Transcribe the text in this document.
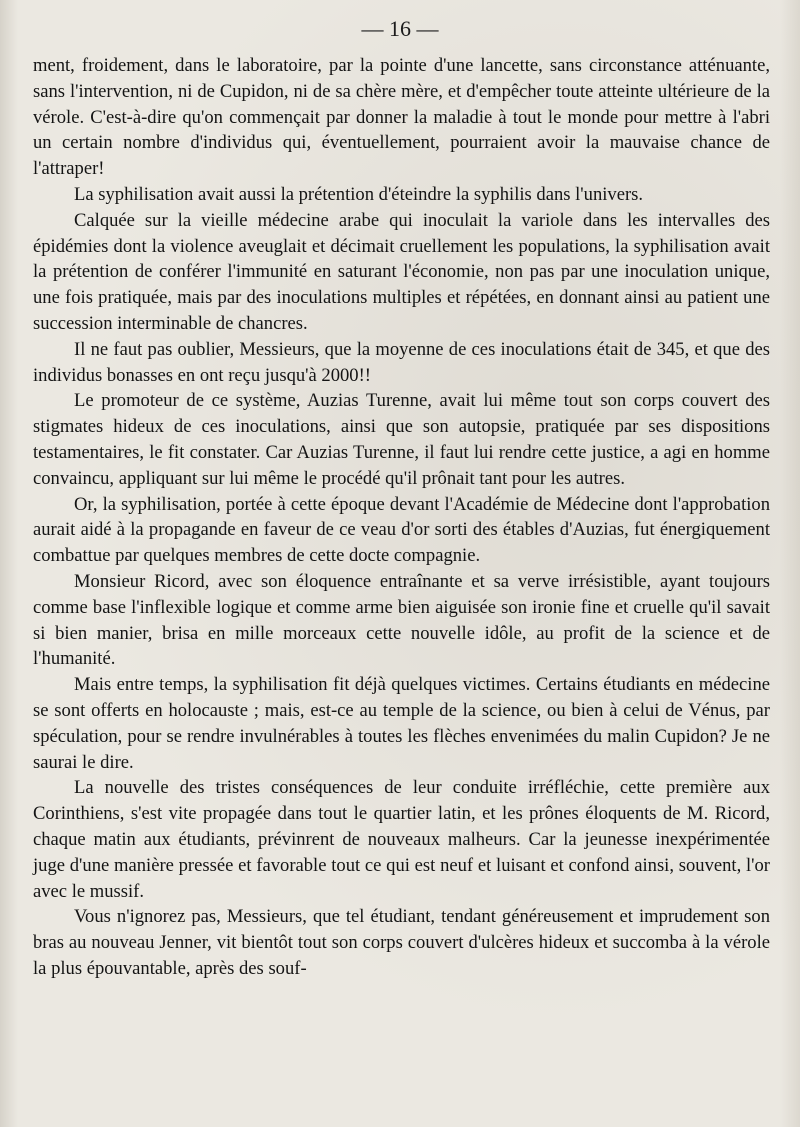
— 16 —

ment, froidement, dans le laboratoire, par la pointe d'une lancette, sans circonstance atténuante, sans l'intervention, ni de Cupidon, ni de sa chère mère, et d'empêcher toute atteinte ultérieure de la vérole. C'est-à-dire qu'on commençait par donner la maladie à tout le monde pour mettre à l'abri un certain nombre d'individus qui, éventuellement, pourraient avoir la mauvaise chance de l'attraper!

La syphilisation avait aussi la prétention d'éteindre la syphilis dans l'univers.

Calquée sur la vieille médecine arabe qui inoculait la variole dans les intervalles des épidémies dont la violence aveuglait et décimait cruellement les populations, la syphilisation avait la prétention de conférer l'immunité en saturant l'économie, non pas par une inoculation unique, une fois pratiquée, mais par des inoculations multiples et répétées, en donnant ainsi au patient une succession interminable de chancres.

Il ne faut pas oublier, Messieurs, que la moyenne de ces inoculations était de 345, et que des individus bonasses en ont reçu jusqu'à 2000!!

Le promoteur de ce système, Auzias Turenne, avait lui même tout son corps couvert des stigmates hideux de ces inoculations, ainsi que son autopsie, pratiquée par ses dispositions testamentaires, le fit constater. Car Auzias Turenne, il faut lui rendre cette justice, a agi en homme convaincu, appliquant sur lui même le procédé qu'il prônait tant pour les autres.

Or, la syphilisation, portée à cette époque devant l'Académie de Médecine dont l'approbation aurait aidé à la propagande en faveur de ce veau d'or sorti des étables d'Auzias, fut énergiquement combattue par quelques membres de cette docte compagnie.

Monsieur Ricord, avec son éloquence entraînante et sa verve irrésistible, ayant toujours comme base l'inflexible logique et comme arme bien aiguisée son ironie fine et cruelle qu'il savait si bien manier, brisa en mille morceaux cette nouvelle idôle, au profit de la science et de l'humanité.

Mais entre temps, la syphilisation fit déjà quelques victimes. Certains étudiants en médecine se sont offerts en holocauste ; mais, est-ce au temple de la science, ou bien à celui de Vénus, par spéculation, pour se rendre invulnérables à toutes les flèches envenimées du malin Cupidon? Je ne saurai le dire.

La nouvelle des tristes conséquences de leur conduite irréfléchie, cette première aux Corinthiens, s'est vite propagée dans tout le quartier latin, et les prônes éloquents de M. Ricord, chaque matin aux étudiants, prévinrent de nouveaux malheurs. Car la jeunesse inexpérimentée juge d'une manière pressée et favorable tout ce qui est neuf et luisant et confond ainsi, souvent, l'or avec le mussif.

Vous n'ignorez pas, Messieurs, que tel étudiant, tendant généreusement et imprudement son bras au nouveau Jenner, vit bientôt tout son corps couvert d'ulcères hideux et succomba à la vérole la plus épouvantable, après des souf-
